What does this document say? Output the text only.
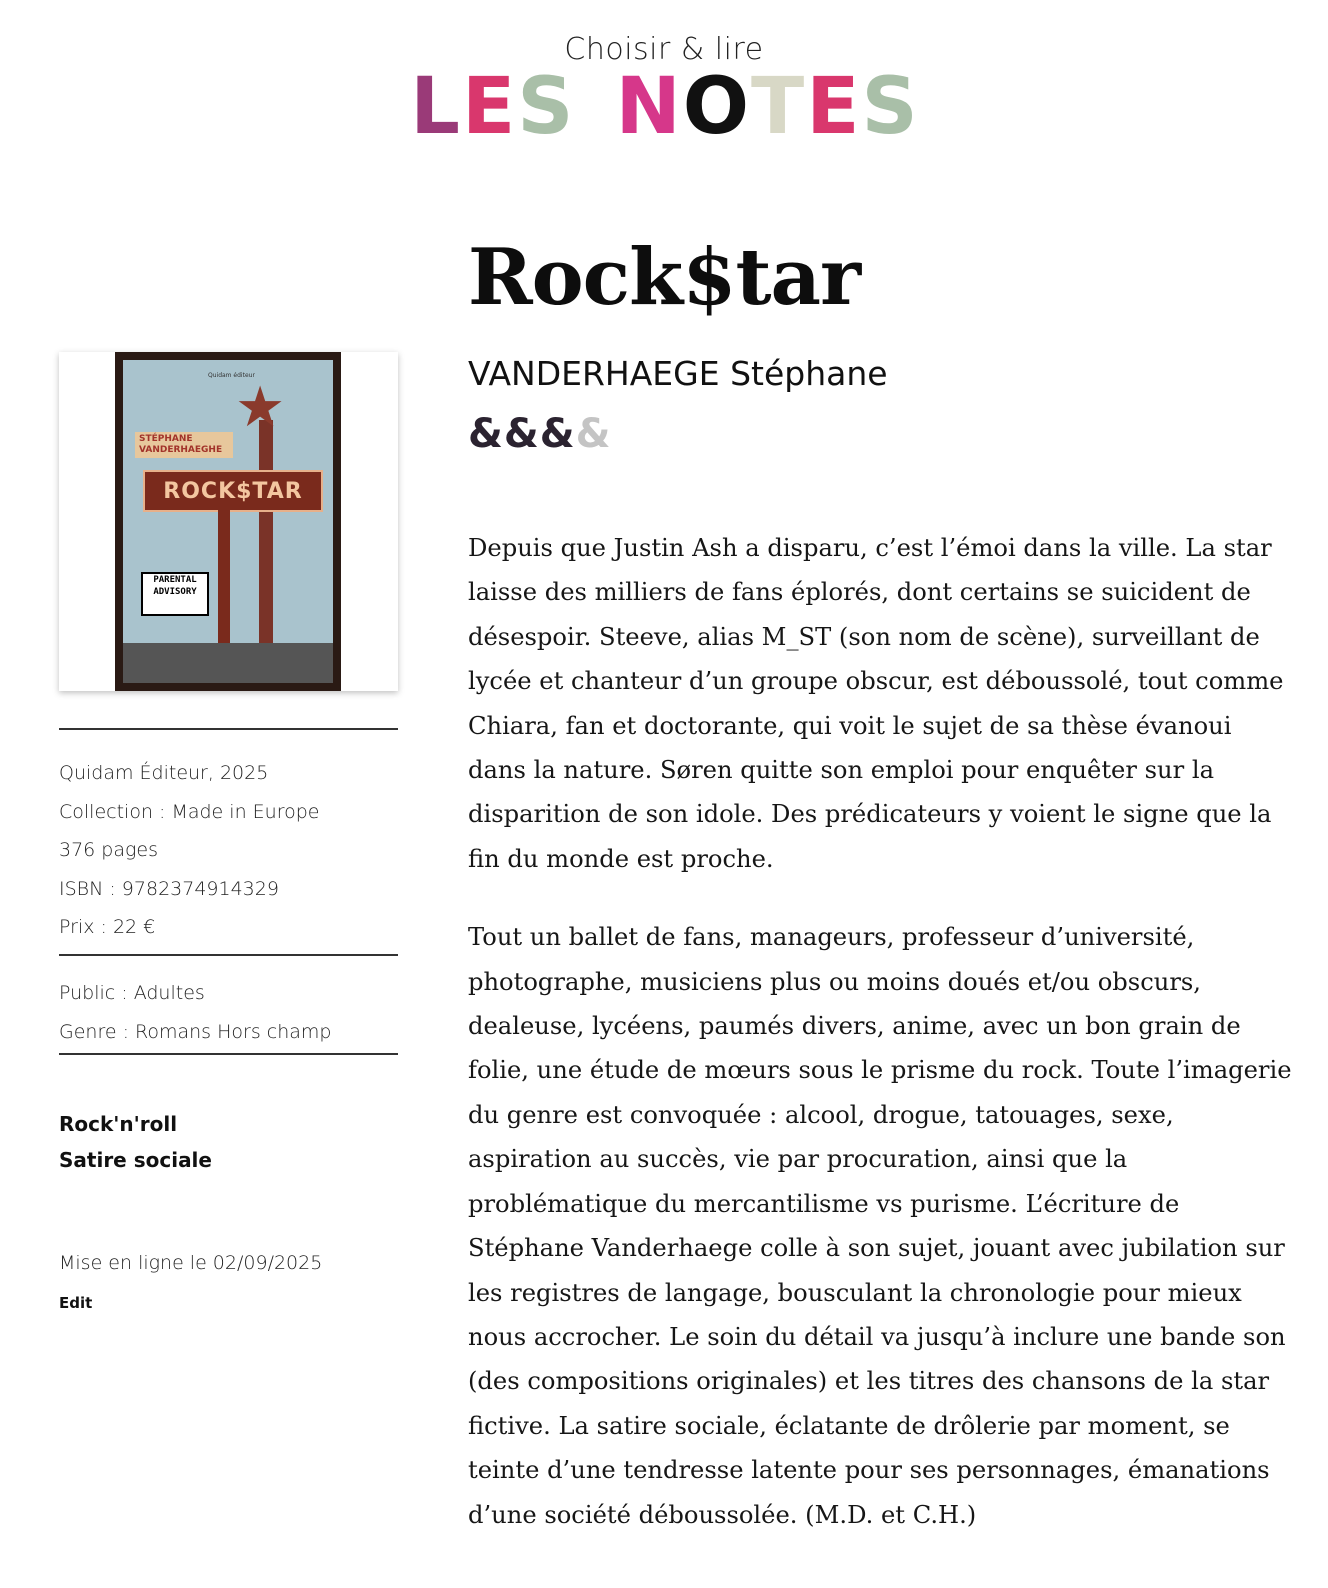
Choisir & lire
L E S N O T E S
Rock$tar
Quidam éditeur
★
STÉPHANE VANDERHAEGHE
ROCK$TAR
PARENTAL ADVISORY
Quidam Éditeur, 2025
Collection : Made in Europe
376 pages
ISBN : 9782374914329
Prix : 22 €
Public : Adultes
Genre : Romans Hors champ
Rock'n'roll
Satire sociale
Mise en ligne le 02/09/2025
Edit
VANDERHAEGE Stéphane
&&&&

Depuis que Justin Ash a disparu, c’est l’émoi dans la ville. La star laisse des milliers de fans éplorés, dont certains se suicident de désespoir. Steeve, alias M_ST (son nom de scène), surveillant de lycée et chanteur d’un groupe obscur, est déboussolé, tout comme Chiara, fan et doctorante, qui voit le sujet de sa thèse évanoui dans la nature. Søren quitte son emploi pour enquêter sur la disparition de son idole. Des prédicateurs y voient le signe que la fin du monde est proche.

Tout un ballet de fans, manageurs, professeur d’université, photographe, musiciens plus ou moins doués et/ou obscurs, dealeuse, lycéens, paumés divers, anime, avec un bon grain de folie, une étude de mœurs sous le prisme du rock. Toute l’imagerie du genre est convoquée : alcool, drogue, tatouages, sexe, aspiration au succès, vie par procuration, ainsi que la problématique du mercantilisme vs purisme. L’écriture de Stéphane Vanderhaege colle à son sujet, jouant avec jubilation sur les registres de langage, bousculant la chronologie pour mieux nous accrocher. Le soin du détail va jusqu’à inclure une bande son (des compositions originales) et les titres des chansons de la star fictive. La satire sociale, éclatante de drôlerie par moment, se teinte d’une tendresse latente pour ses personnages, émanations d’une société déboussolée. (M.D. et C.H.)
